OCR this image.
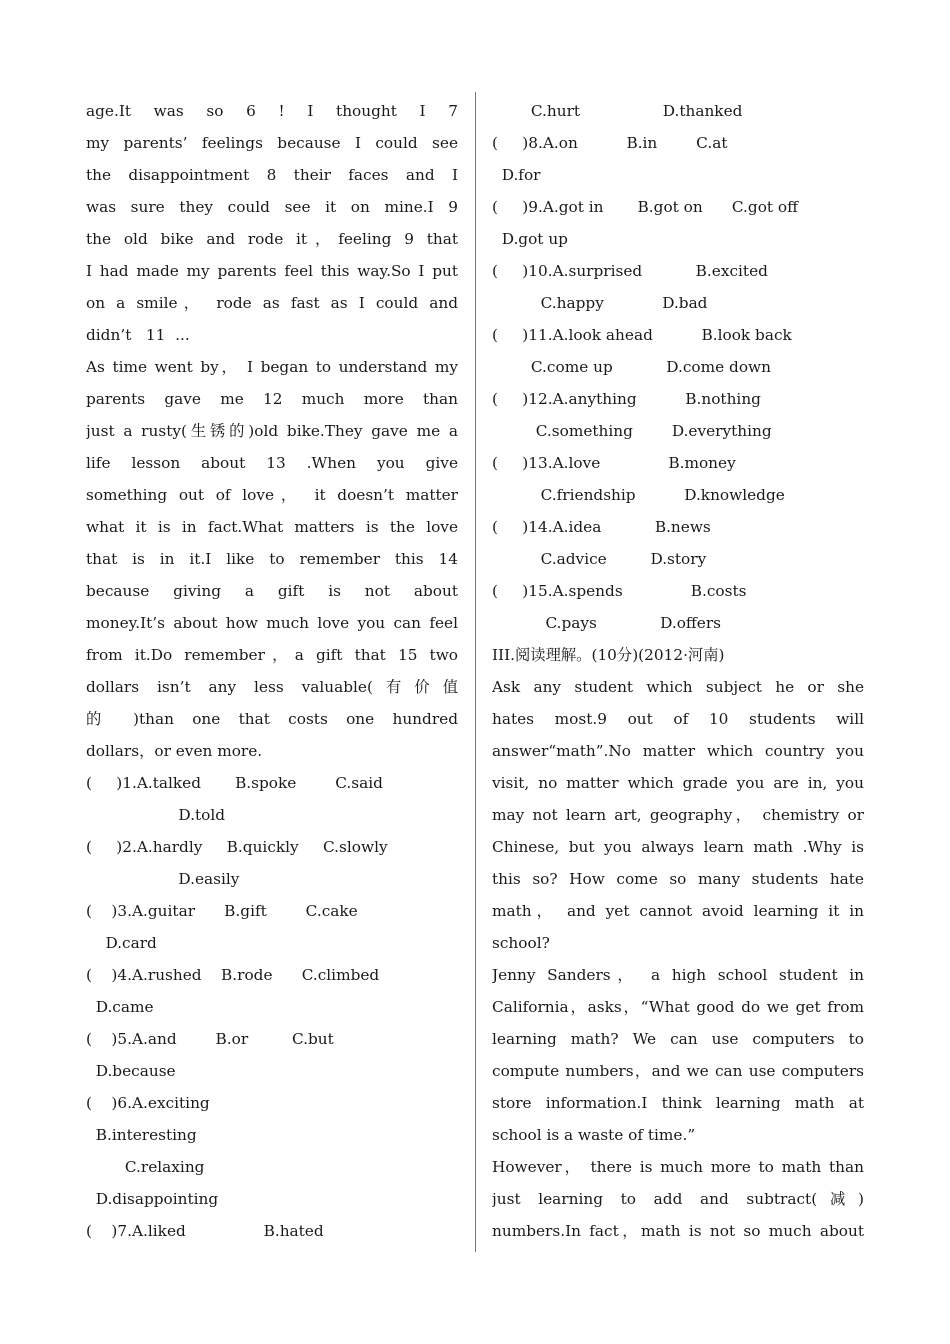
age.It was so 6 ! I thought I 7
my parents’ feelings because I could see
the disappointment 8 their faces and I
was sure they could see it on mine.I 9
the old bike and rode it，feeling 9 that
I had made my parents feel this way.So I put
on a smile， rode as fast as I could and
didn’t   11  ...
As time went by， I began to understand my
parents gave me 12 much more than
just a rusty(生锈的)old bike.They gave me a
life lesson about 13 .When you give
something out of love， it doesn’t matter
what it is in fact.What matters is the love
that is in it.I like to remember this 14
because giving a gift is not about
money.It’s about how much love you can feel
from it.Do remember，a gift that 15 two
dollars isn’t any less valuable(有价值
的 )than one that costs one hundred
dollars，or even more.
(     )1.A.talked       B.spoke        C.said
D.told
(     )2.A.hardly     B.quickly     C.slowly
D.easily
(    )3.A.guitar      B.gift        C.cake
D.card
(    )4.A.rushed    B.rode      C.climbed
D.came
(    )5.A.and        B.or         C.but
D.because
(    )6.A.exciting
B.interesting
C.relaxing
D.disappointing
(    )7.A.liked                B.hated
C.hurt                 D.thanked
(     )8.A.on          B.in        C.at
D.for
(     )9.A.got in       B.got on      C.got off
D.got up
(     )10.A.surprised           B.excited
C.happy            D.bad
(     )11.A.look ahead          B.look back
C.come up           D.come down
(     )12.A.anything          B.nothing
C.something        D.everything
(     )13.A.love              B.money
C.friendship          D.knowledge
(     )14.A.idea           B.news
C.advice         D.story
(     )15.A.spends              B.costs
C.pays             D.offers
III.阅读理解。(10分)(2012·河南)
Ask any student which subject he or she
hates most.9 out of 10 students will
answer“math”.No matter which country you
visit, no matter which grade you are in, you
may not learn art, geography， chemistry or
Chinese, but you always learn math .Why is
this so? How come so many students hate
math， and yet cannot avoid learning it in
school?
Jenny Sanders， a high school student in
California，asks，“What good do we get from
learning math? We can use computers to
compute numbers，and we can use computers
store information.I think learning math at
school is a waste of time.”
However， there is much more to math than
just learning to add and subtract(减)
numbers.In fact，math is not so much about
